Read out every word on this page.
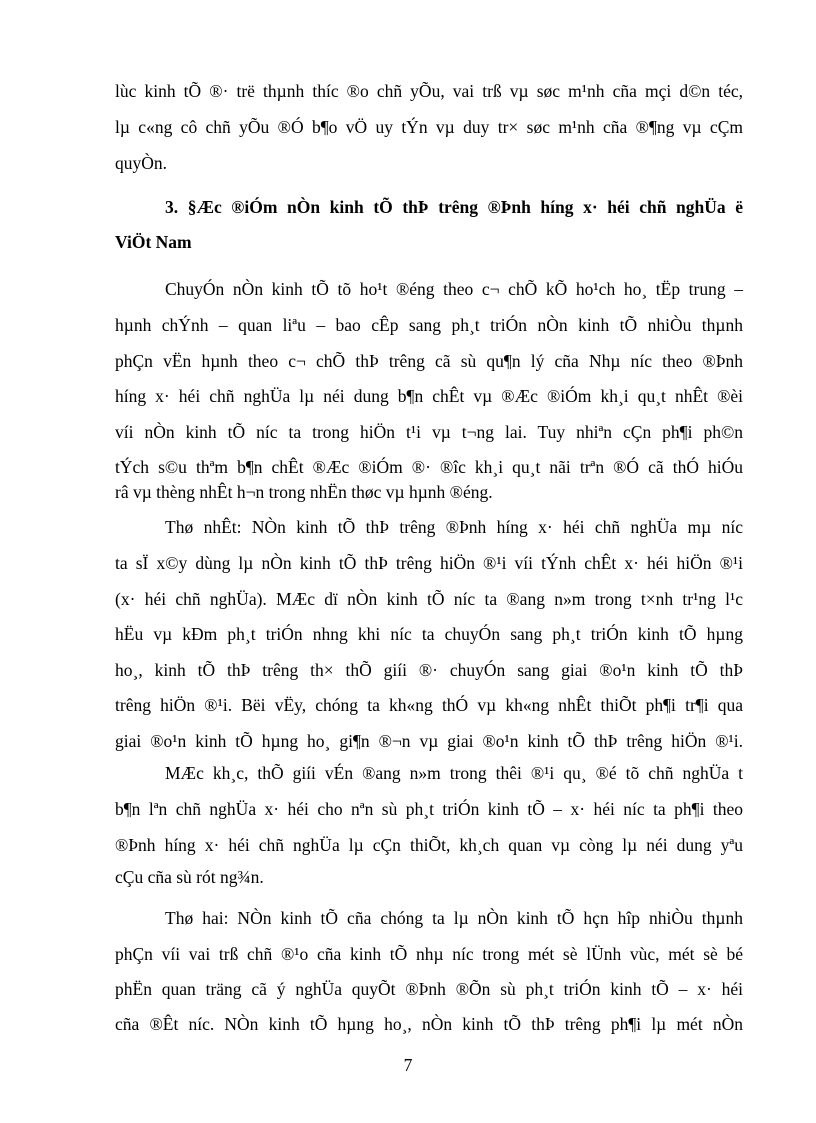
lùc kinh tÕ ®· trë thµnh thíc ®o chñ yÕu, vai trß vµ søc m¹nh cña mçi d©n téc,
lµ c«ng cô chñ yÕu ®Ó b¶o vÖ uy tÝn vµ duy tr× søc m¹nh cña ®¶ng vµ cÇm
quyÒn.
3. §Æc ®iÓm nÒn kinh tÕ thÞ trêng ®Þnh híng x· héi chñ nghÜa ë
ViÖt Nam
ChuyÓn nÒn kinh tÕ tõ ho¹t ®éng theo c¬ chÕ kÕ ho¹ch ho¸ tËp trung –
hµnh chÝnh – quan liªu – bao cÊp sang ph¸t triÓn nÒn kinh tÕ nhiÒu thµnh
phÇn vËn hµnh theo c¬ chÕ thÞ trêng cã sù qu¶n lý cña Nhµ níc theo ®Þnh
híng x· héi chñ nghÜa lµ néi dung b¶n chÊt vµ ®Æc ®iÓm kh¸i qu¸t nhÊt ®èi
víi nÒn kinh tÕ níc ta trong hiÖn t¹i vµ t¬ng lai. Tuy nhiªn cÇn ph¶i ph©n
tÝch s©u thªm b¶n chÊt ®Æc ®iÓm ®· ®îc kh¸i qu¸t nãi trªn ®Ó cã thÓ hiÓu
râ vµ thèng nhÊt h¬n trong nhËn thøc vµ hµnh ®éng.
Thø nhÊt: NÒn kinh tÕ thÞ trêng ®Þnh híng x· héi chñ nghÜa mµ níc
ta sÏ x©y dùng lµ nÒn kinh tÕ thÞ trêng hiÖn ®¹i víi tÝnh chÊt x· héi hiÖn ®¹i
(x· héi chñ nghÜa). MÆc dï nÒn kinh tÕ níc ta ®ang n»m trong t×nh tr¹ng l¹c
hËu vµ kÐm ph¸t triÓn nhng khi níc ta chuyÓn sang ph¸t triÓn kinh tÕ hµng
ho¸, kinh tÕ thÞ trêng th× thÕ giíi ®· chuyÓn sang giai ®o¹n kinh tÕ thÞ
trêng hiÖn ®¹i. Bëi vËy, chóng ta kh«ng thÓ vµ kh«ng nhÊt thiÕt ph¶i tr¶i qua
giai ®o¹n kinh tÕ hµng ho¸ gi¶n ®¬n vµ giai ®o¹n kinh tÕ thÞ trêng hiÖn ®¹i.
MÆc kh¸c, thÕ giíi vÉn ®ang n»m trong thêi ®¹i qu¸ ®é tõ chñ nghÜa t
b¶n lªn chñ nghÜa x· héi cho nªn sù ph¸t triÓn kinh tÕ – x· héi níc ta ph¶i theo
®Þnh híng x· héi chñ nghÜa lµ cÇn thiÕt, kh¸ch quan vµ còng lµ néi dung yªu
cÇu cña sù rót ng¾n.
Thø hai: NÒn kinh tÕ cña chóng ta lµ nÒn kinh tÕ hçn hîp nhiÒu thµnh
phÇn víi vai trß chñ ®¹o cña kinh tÕ nhµ níc trong mét sè lÜnh vùc, mét sè bé
phËn quan träng cã ý nghÜa quyÕt ®Þnh ®Õn sù ph¸t triÓn kinh tÕ – x· héi
cña ®Êt níc. NÒn kinh tÕ hµng ho¸, nÒn kinh tÕ thÞ trêng ph¶i lµ mét nÒn
7
